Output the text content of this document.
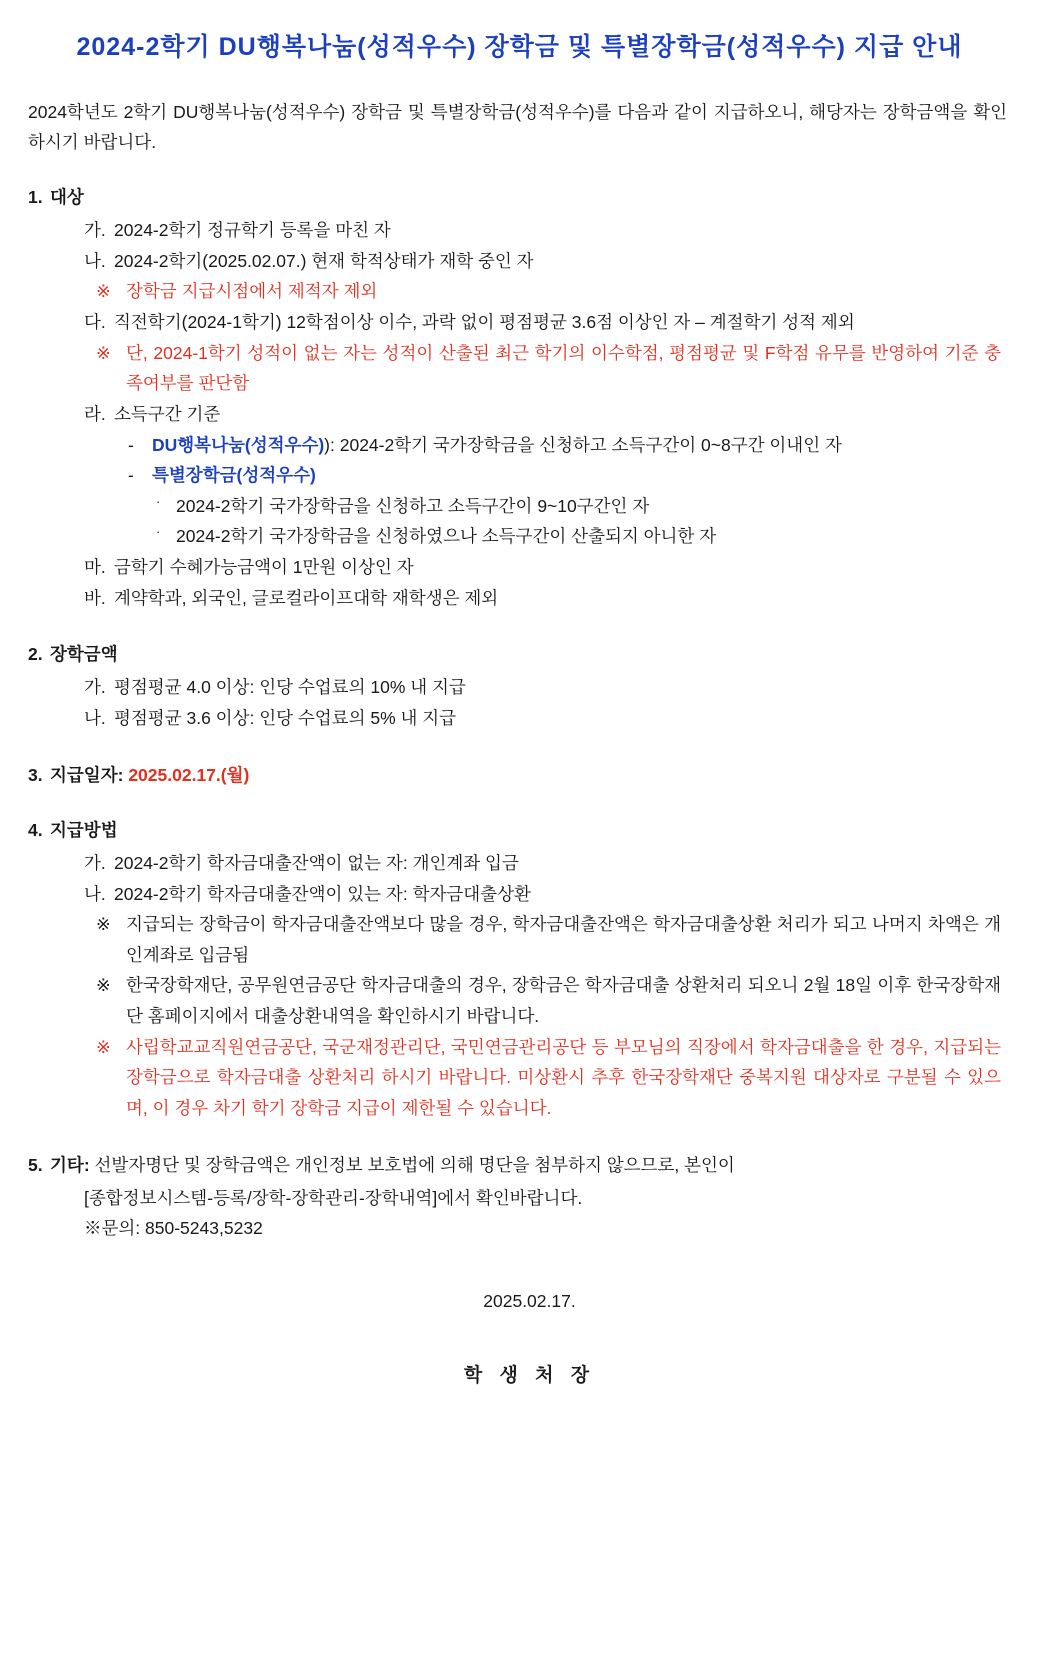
2024-2학기 DU행복나눔(성적우수) 장학금 및 특별장학금(성적우수) 지급 안내

2024학년도 2학기 DU행복나눔(성적우수) 장학금 및 특별장학금(성적우수)를 다음과 같이 지급하오니, 해당자는 장학금액을 확인하시기 바랍니다.

1. 대상
가. 2024-2학기 정규학기 등록을 마친 자
나. 2024-2학기(2025.02.07.) 현재 학적상태가 재학 중인 자
※ 장학금 지급시점에서 제적자 제외
다. 직전학기(2024-1학기) 12학점이상 이수, 과락 없이 평점평균 3.6점 이상인 자 – 계절학기 성적 제외
※ 단, 2024-1학기 성적이 없는 자는 성적이 산출된 최근 학기의 이수학점, 평점평균 및 F학점 유무를 반영하여 기준 충족여부를 판단함
라. 소득구간 기준
- DU행복나눔(성적우수)): 2024-2학기 국가장학금을 신청하고 소득구간이 0~8구간 이내인 자
- 특별장학금(성적우수)
· 2024-2학기 국가장학금을 신청하고 소득구간이 9~10구간인 자
· 2024-2학기 국가장학금을 신청하였으나 소득구간이 산출되지 아니한 자
마. 금학기 수혜가능금액이 1만원 이상인 자
바. 계약학과, 외국인, 글로컬라이프대학 재학생은 제외
2. 장학금액
가. 평점평균 4.0 이상: 인당 수업료의 10% 내 지급
나. 평점평균 3.6 이상: 인당 수업료의 5% 내 지급
3. 지급일자: 2025.02.17.(월)
4. 지급방법
가. 2024-2학기 학자금대출잔액이 없는 자: 개인계좌 입금
나. 2024-2학기 학자금대출잔액이 있는 자: 학자금대출상환
※ 지급되는 장학금이 학자금대출잔액보다 많을 경우, 학자금대출잔액은 학자금대출상환 처리가 되고 나머지 차액은 개인계좌로 입금됨
※ 한국장학재단, 공무원연금공단 학자금대출의 경우, 장학금은 학자금대출 상환처리 되오니 2월 18일 이후 한국장학재단 홈페이지에서 대출상환내역을 확인하시기 바랍니다.
※ 사립학교교직원연금공단, 국군재정관리단, 국민연금관리공단 등 부모님의 직장에서 학자금대출을 한 경우, 지급되는 장학금으로 학자금대출 상환처리 하시기 바랍니다. 미상환시 추후 한국장학재단 중복지원 대상자로 구분될 수 있으며, 이 경우 차기 학기 장학금 지급이 제한될 수 있습니다.
5. 기타: 선발자명단 및 장학금액은 개인정보 보호법에 의해 명단을 첨부하지 않으므로, 본인이
[종합정보시스템-등록/장학-장학관리-장학내역]에서 확인바랍니다.
※문의: 850-5243,5232
2025.02.17.
학 생 처 장
